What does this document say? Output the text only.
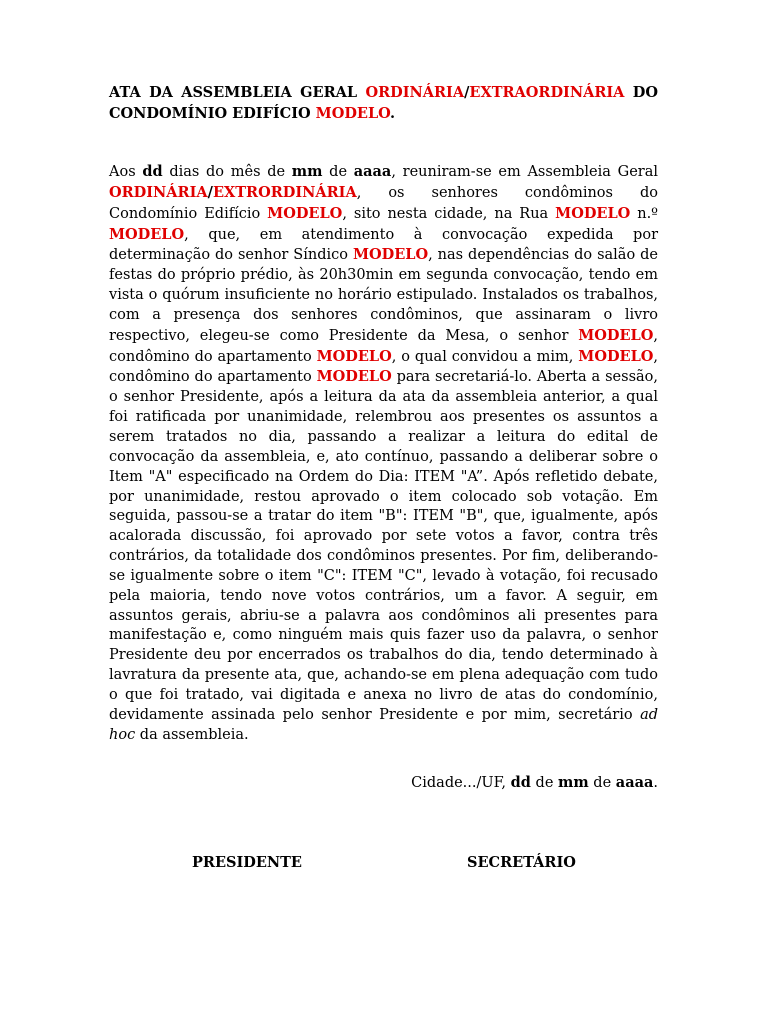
ATA DA ASSEMBLEIA GERAL ORDINÁRIA/EXTRAORDINÁRIA DO CONDOMÍNIO EDIFÍCIO MODELO.

Aos dd dias do mês de mm de aaaa, reuniram-se em Assembleia Geral ORDINÁRIA/EXTRORDINÁRIA, os senhores condôminos do Condomínio Edifício MODELO, sito nesta cidade, na Rua MODELO n.º MODELO, que, em atendimento à convocação expedida por determinação do senhor Síndico MODELO, nas dependências do salão de festas do próprio prédio, às 20h30min em segunda convocação, tendo em vista o quórum insuficiente no horário estipulado. Instalados os trabalhos, com a presença dos senhores condôminos, que assinaram o livro respectivo, elegeu-se como Presidente da Mesa, o senhor MODELO, condômino do apartamento MODELO, o qual convidou a mim, MODELO, condômino do apartamento MODELO para secretariá-lo. Aberta a sessão, o senhor Presidente, após a leitura da ata da assembleia anterior, a qual foi ratificada por unanimidade, relembrou aos presentes os assuntos a serem tratados no dia, passando a realizar a leitura do edital de convocação da assembleia, e, ato contínuo, passando a deliberar sobre o Item "A" especificado na Ordem do Dia: ITEM "A”. Após refletido debate, por unanimidade, restou aprovado o item colocado sob votação. Em seguida, passou-se a tratar do item "B": ITEM "B", que, igualmente, após acalorada discussão, foi aprovado por sete votos a favor, contra três contrários, da totalidade dos condôminos presentes. Por fim, deliberando-se igualmente sobre o item "C": ITEM "C", levado à votação, foi recusado pela maioria, tendo nove votos contrários, um a favor. A seguir, em assuntos gerais, abriu-se a palavra aos condôminos ali presentes para manifestação e, como ninguém mais quis fazer uso da palavra, o senhor Presidente deu por encerrados os trabalhos do dia, tendo determinado à lavratura da presente ata, que, achando-se em plena adequação com tudo o que foi tratado, vai digitada e anexa no livro de atas do condomínio, devidamente assinada pelo senhor Presidente e por mim, secretário ad hoc da assembleia.

Cidade.../UF, dd de mm de aaaa.

PRESIDENTE	SECRETÁRIO
